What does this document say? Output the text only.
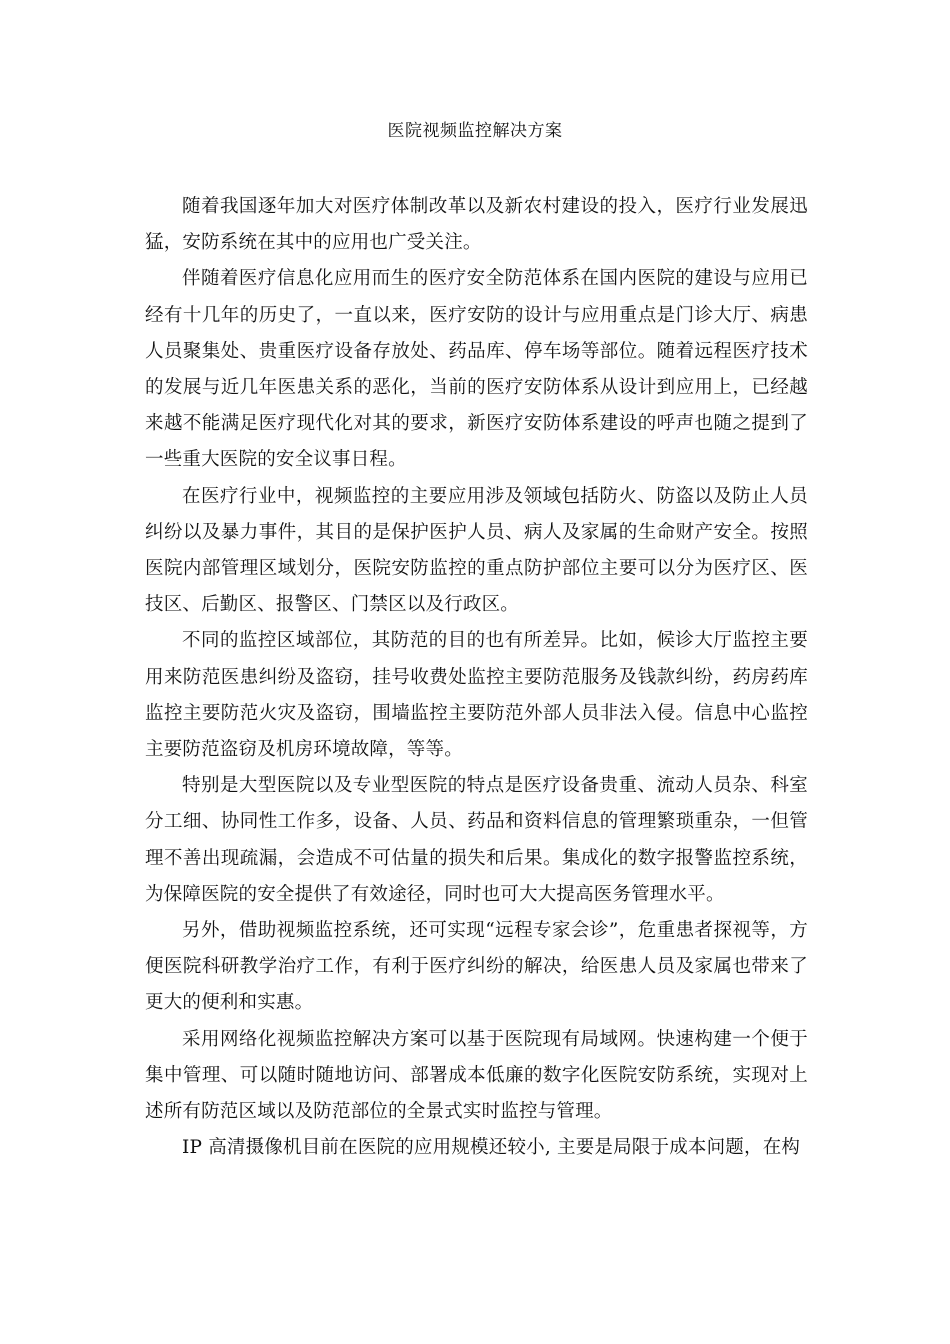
医院视频监控解决方案

随着我国逐年加大对医疗体制改革以及新农村建设的投入，医疗行业发展迅猛，安防系统在其中的应用也广受关注。

伴随着医疗信息化应用而生的医疗安全防范体系在国内医院的建设与应用已经有十几年的历史了，一直以来，医疗安防的设计与应用重点是门诊大厅、病患人员聚集处、贵重医疗设备存放处、药品库、停车场等部位。随着远程医疗技术的发展与近几年医患关系的恶化，当前的医疗安防体系从设计到应用上，已经越来越不能满足医疗现代化对其的要求，新医疗安防体系建设的呼声也随之提到了一些重大医院的安全议事日程。

在医疗行业中，视频监控的主要应用涉及领域包括防火、防盗以及防止人员纠纷以及暴力事件，其目的是保护医护人员、病人及家属的生命财产安全。按照医院内部管理区域划分，医院安防监控的重点防护部位主要可以分为医疗区、医技区、后勤区、报警区、门禁区以及行政区。

不同的监控区域部位，其防范的目的也有所差异。比如，候诊大厅监控主要用来防范医患纠纷及盗窃，挂号收费处监控主要防范服务及钱款纠纷，药房药库监控主要防范火灾及盗窃，围墙监控主要防范外部人员非法入侵。信息中心监控主要防范盗窃及机房环境故障，等等。

特别是大型医院以及专业型医院的特点是医疗设备贵重、流动人员杂、科室分工细、协同性工作多，设备、人员、药品和资料信息的管理繁琐重杂，一但管理不善出现疏漏，会造成不可估量的损失和后果。集成化的数字报警监控系统，为保障医院的安全提供了有效途径，同时也可大大提高医务管理水平。

另外，借助视频监控系统，还可实现“远程专家会诊”，危重患者探视等，方便医院科研教学治疗工作，有利于医疗纠纷的解决，给医患人员及家属也带来了更大的便利和实惠。

采用网络化视频监控解决方案可以基于医院现有局域网。快速构建一个便于集中管理、可以随时随地访问、部署成本低廉的数字化医院安防系统，实现对上述所有防范区域以及防范部位的全景式实时监控与管理。

IP 高清摄像机目前在医院的应用规模还较小, 主要是局限于成本问题，在构
